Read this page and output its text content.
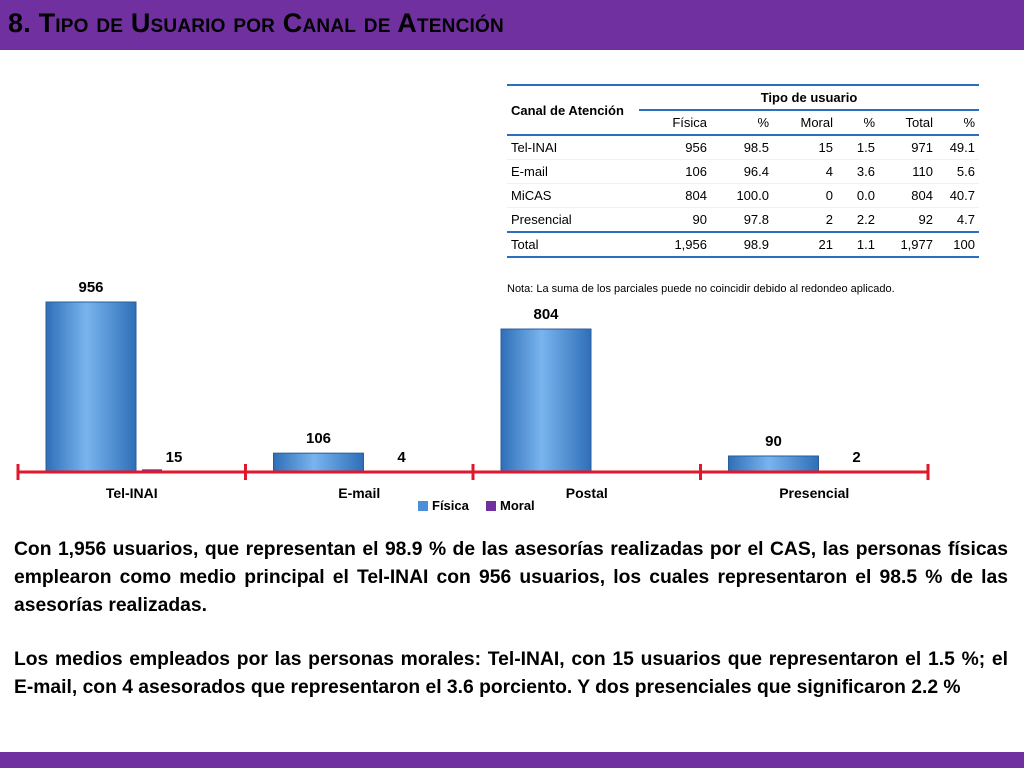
8. Tipo de Usuario por Canal de Atención
Canal de Atención	Tipo de usuario					
	Física	%	Moral	%	Total	%
Tel-INAI	956	98.5	15	1.5	971	49.1
E-mail	106	96.4	4	3.6	110	5.6
MiCAS	804	100.0	0	0.0	804	40.7
Presencial	90	97.8	2	2.2	92	4.7
Total	1,956	98.9	21	1.1	1,977	100
Nota: La suma de los parciales puede no coincidir debido al redondeo aplicado.
956
15
Tel-INAI
106
4
E-mail
804
Postal
90
2
Presencial
Física Moral

Con 1,956 usuarios, que representan el 98.9 % de las asesorías realizadas por el CAS, las personas físicas emplearon como medio principal el Tel-INAI con 956 usuarios, los cuales representaron el 98.5 % de las asesorías realizadas.

Los medios empleados por las personas morales: Tel-INAI, con 15 usuarios que representaron el 1.5 %; el E-mail, con 4 asesorados que representaron el 3.6 porciento. Y dos presenciales que significaron 2.2 %
